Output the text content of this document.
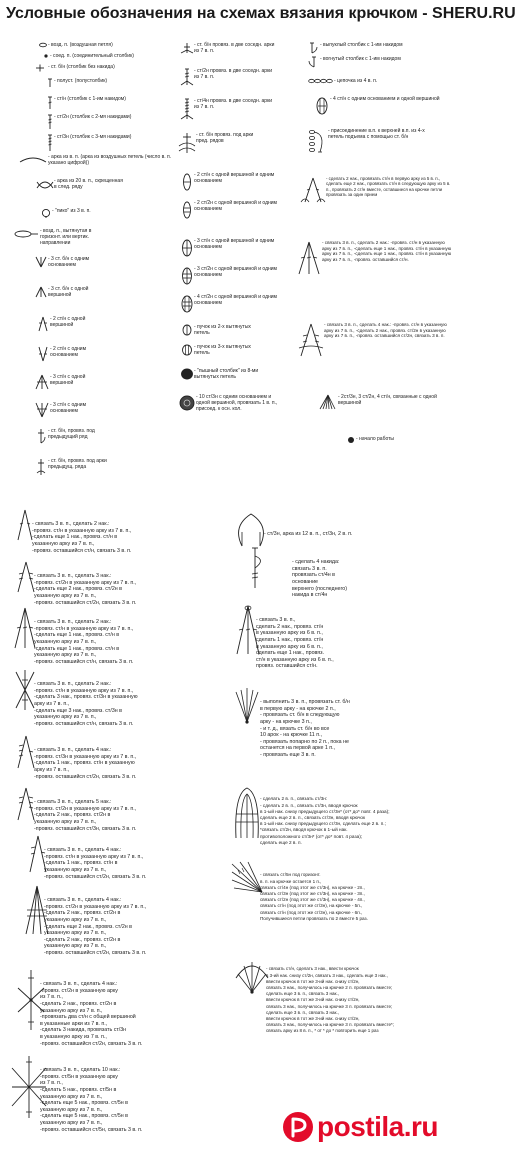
Условные обозначения на схемах вязания крючком - SHERU.RU
- возд. п. (воздушная петля)
- соед. п. (соединительный столбик)
- ст. б/н (столбик без накида)
- полуст. (полустолбик)
- ст/н (столбик с 1-им накидом)
- ст/2н (столбик с 2-мя накидами)
- ст/3н (столбик с 3-мя накидами)
- арка из в. п. (арка из воздушных петель (число в. п. указано цифрой))
- арка из 20 в. п., скрещенная в след. ряду
- "пико" из 3 в. п.
- возд. п., вытянутая в горизонт. или вертик. направлении
- 3 ст. б/н с одним основанием
- 3 ст. б/н с одной вершиной
- 2 ст/н с одной вершиной
- 2 ст/н с одним основанием
- 3 ст/н с одной вершиной
- 3 ст/н с одним основанием
- ст. б/н, провяз. под предыдущий ряд
- ст. б/н, провяз. под арки предыдущ. ряда
- ст. б/н провяз. в две соседн. арки из 7 в. п.
- ст/2н провяз. в две соседн. арки из 7 в. п.
- ст/4н провяз. в две соседн. арки из 7 в. п.
- ст. б/н провяз. под арки пред. рядов
- 2 ст/н с одной вершиной и одним основанием
- 2 ст/2н с одной вершиной и одним основанием
- 3 ст/н с одной вершиной и одним основанием
- 3 ст/2н с одной вершиной и одним основанием
- 4 ст/2н с одной вершиной и одним основанием
- пучок из 2-х вытянутых петель
- пучок из 3-х вытянутых петель
- "пышный столбик" из 8-ми вытянутых петель
- 10 ст/3н с одним основанием и одной вершиной, провязать 1 в. п., присоед. к осн. кол.
- выпуклый столбик с 1-им накидом
- вогнутый столбик с 1-им накидом
- цепочка из 4 в. п.
- 4 ст/н с одним основанием и одной вершиной
- присоединение в.п. к верхней в.п. из 4-х петель подъема с помощью ст. б/н
- сделать 2 нак., провязать ст/н в первую арку из 5 в. п., сделать еще 2 нак., провязать ст/н в следующую арку из 5 в. п., провязать 2 ст/н вместе, оставшиеся на крючке петли провязать за один прием
- связать 3 в. п., сделать 2 нак.: -провяз. ст/н в указанную арку из 7 в. п., -сделать еще 1 нак., провяз. ст/н в указанную арку из 7 в. п., -сделать еще 1 нак., провяз. ст/н в указанную арку из 7 в. п., -провяз. оставшийся ст/н.
- связать 3 в. п., сделать 4 нак.: -провяз. ст/н в указанную арку из 7 в. п., -сделать 2 нак., провяз. ст/2н в указанную арку из 7 в. п., -провяз. оставшийся ст/2н, связать 3 в. п.
- 2ст/3н, 3 ст/2н, 4 ст/н, связанные с одной вершиной
- начало работы

- связать 3 в. п., сделать 2 нак.:
-провяз. ст/н в указанную арку из 7 в. п.,
-сделать еще 1 нак., провяз. ст/н в
указанную арку из 7 в. п.,
-провяз. оставшийся ст/н, связать 3 в. п.

- связать 3 в. п., сделать 3 нак.:
-провяз. ст/2н в указанную арку из 7 в. п.,
-сделать еще 2 нак., провяз. ст/2н в
указанную арку из 7 в. п.,
-провяз. оставшийся ст/2н, связать 3 в. п.

- связать 3 в. п., сделать 2 нак.:
-провяз. ст/н в указанную арку из 7 в. п.,
-сделать еще 1 нак., провяз. ст/н в
указанную арку из 7 в. п.,
-сделать еще 1 нак., провяз. ст/н в
указанную арку из 7 в. п.,
-провяз. оставшийся ст/н, связать 3 в. п.

- связать 3 в. п., сделать 2 нак.:
-провяз. ст/н в указанную арку из 7 в. п.,
-сделать 3 нак., провяз. ст/3н в указанную
арку из 7 в. п.,
-сделать еще 3 нак., провяз. ст/3н в
указанную арку из 7 в. п.,
-провяз. оставшийся ст/н, связать 3 в. п.

- связать 3 в. п., сделать 4 нак.:
-провяз. ст/3н в указанную арку из 7 в. п.,
-сделать 1 нак., провяз. ст/н в указанную
арку из 7 в. п.,
-провяз. оставшийся ст/2н, связать 3 в. п.

- связать 3 в. п., сделать 5 нак.:
-провяз. ст/2н в указанную арку из 7 в. п.,
-сделать 2 нак., провяз. ст/2н в
указанную арку из 7 в. п.,
-провяз. оставшийся ст/3н, связать 3 в. п.

- связать 3 в. п., сделать 4 нак.:
-провяз. ст/н в указанную арку из 7 в. п.,
-сделать 1 нак., провяз. ст/н в
указанную арку из 7 в. п.,
-провяз. оставшийся ст/2н, связать 3 в. п.

- связать 3 в. п., сделать 4 нак.:
-провяз. ст/2н в указанную арку из 7 в. п.,
-сделать 2 нак., провяз. ст/2н в
указанную арку из 7 в. п.,
-сделать еще 2 нак., провяз. ст/2н в
указанную арку из 7 в. п.,
-сделать 2 нак., провяз. ст/2н в
указанную арку из 7 в. п.,
-провяз. оставшийся ст/2н, связать 3 в. п.

- связать 3 в. п., сделать 4 нак.:
-провяз. ст/2н в указанную арку
из 7 в. п.,
-сделать 2 нак., провяз. ст/2н в
указанную арку из 7 в. п.,
-провязать два ст/н с общей вершиной
в указанные арки из 7 в. п.,
-сделать 3 накида, провязать ст/3н
в указанную арку из 7 в. п.,
-провяз. оставшийся ст/2н, связать 3 в. п.

- связать 3 в. п., сделать 10 нак.:
-провяз. ст/5н в указанную арку
из 7 в. п.,
-сделать 5 нак., провяз. ст/5н в
указанную арку из 7 в. п.,
-сделать еще 5 нак., провяз. ст/5н в
указанную арку из 7 в. п.,
-сделать еще 5 нак., провяз. ст/5н в
указанную арку из 7 в. п.,
-провяз. оставшийся ст/5н, связать 3 в. п.

- ст/3н, арка из 12 в. п., ст/3н, 2 в. п.

- сделать 4 накида:
связать 3 в. п.
провязать ст/4н в
основание
верхнего (последнего)
накида в ст/4н

- связать 3 в. п.,
сделать 2 нак., провяз. ст/н
в указанную арку из 6 в. п.,
сделать 1 нак., провяз. ст/н
в указанную арку из 6 в. п.,
сделать еще 1 нак., провяз.
ст/н в указанную арку из 6 в. п.,
провяз. оставшийся ст/н.

- выполнить 3 в. п., провязать ст. б/н
в первую арку - на крючке 2 п.,
- провязать ст. б/н в следующую
арку - на крючке 3 п.,
- и т. д., вязать ст. б/н во все
10 арок - на крючке 11 п.,
- провязать попарно по 2 п., пока не
останется на первой арке 1 п.,
- провязать еще 3 в. п.

- сделать 2 в. п., связать ст/3н:
- сделать 2 в. п., связать ст/3н, вводя крючок
в 1-ый нак. снизу предыдущего ст/3н* (от* до* повт. 4 раза);
сделать еще 2 в. п., связать ст/3н, вводя крючок
в 1-ый нак. снизу предыдущего ст/3н, сделать еще 2 в. п.;
*связать ст/2н, вводя крючок в 1-ый нак.
противоположного ст/3н* (от* до* повт. 4 раза);
сделать еще 2 в. п.

- связать ст/5н под горизонт.
в. п. на крючке остается 1 п.,
связать ст/4н (под этот же ст/3н), на крючке - 2п.,
связать ст/3н (под этот же ст/3н), на крючке - 3п.,
связать ст/2н (под этот же ст/3н), на крючке - 4п.,
связать ст/н (под этот же ст/3н), на крючке - 5п.,
связать ст/н (под этот же ст/3н), на крючке - 6п.,
Получившиеся петли провязать по 2 вместе 5 раз.

- связать ст/н, сделать 3 нак., ввести крючок
в 3-ий нак. снизу ст/2н, связать 3 нак., сделать еще 3 нак.,
ввести крючок в тот же 3-ий нак. снизу ст/2н,
связать 3 нак., получилось на крючке 2 п. провязать вместе;
сделать еще 3 в. п., связать 3 нак.,
ввести крючок в тот же 3-ий нак. снизу ст/2н,
связать 3 нак., получилось на крючке 3 п. провязать вместе;
сделать еще 3 в. п., связать 3 нак.,
ввести крючок в тот же 3-ий нак. снизу ст/2н,
связать 3 нак., получилось на крючке 3 п. провязать вместе*;
связать арку из 8 в. п., * от * до * повторить еще 1 раз

postila.ru
